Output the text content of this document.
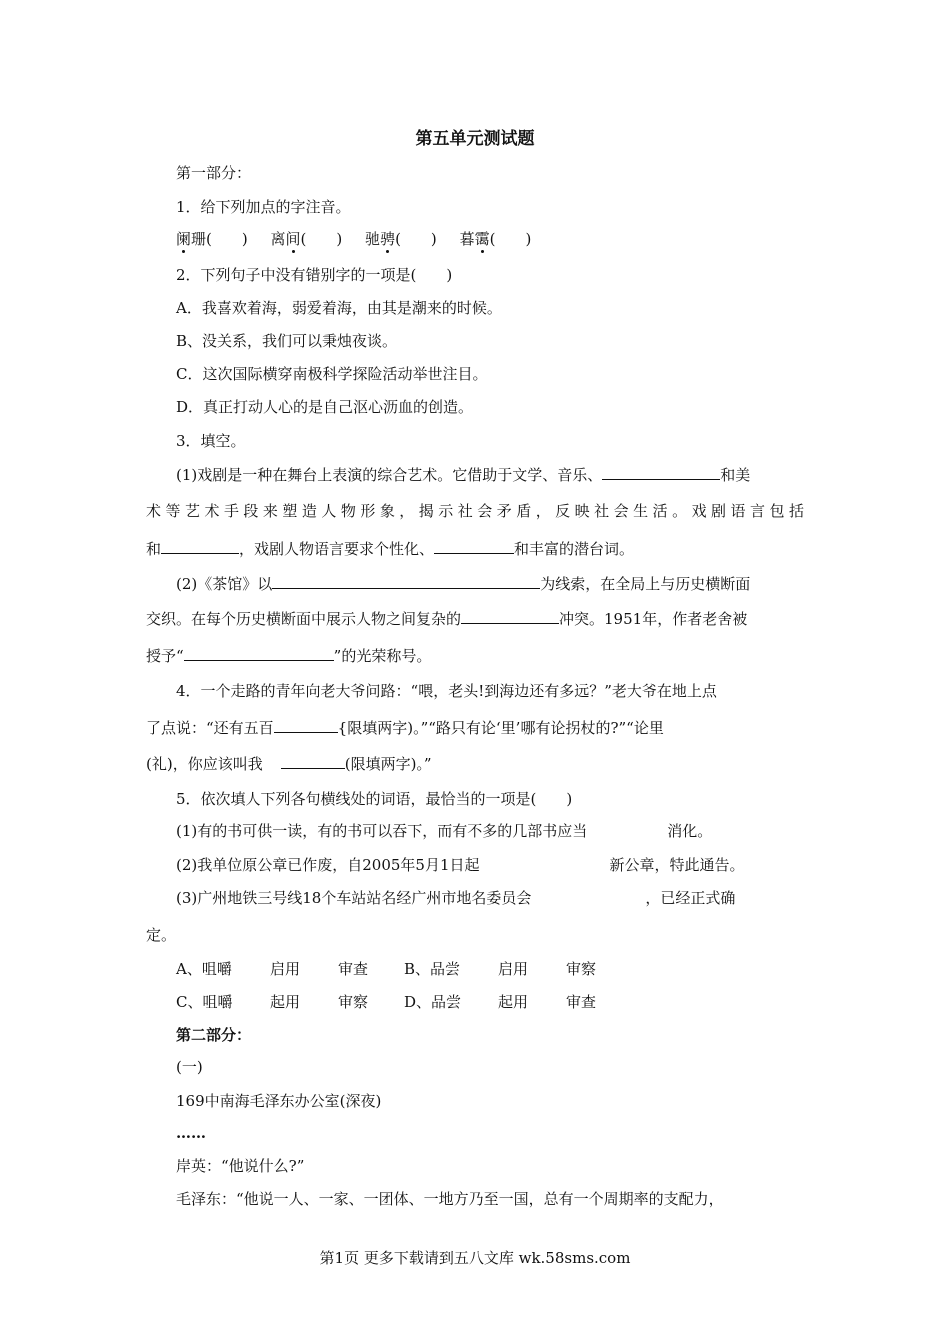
第五单元测试题
第一部分：
1．给下列加点的字注音。
阑珊(　　) 离间(　　) 驰骋(　　) 暮霭(　　)
2．下列句子中没有错别字的一项是(　　)
A．我喜欢着海，弱爱着海，由其是潮来的时候。
B、没关系，我们可以秉烛夜谈。
C．这次国际横穿南极科学探险活动举世注目。
D．真正打动人心的是自己沤心沥血的创造。
3．填空。
(1)戏剧是一种在舞台上表演的综合艺术。它借助于文学、音乐、	和美
术等艺术手段来塑造人物形象，揭示社会矛盾，反映社会生活。戏剧语言包括
和	，戏剧人物语言要求个性化、	和丰富的潜台词。
(2)《茶馆》以	为线索，在全局上与历史横断面
交织。在每个历史横断面中展示人物之间复杂的	冲突。1951年，作者老舍被
授予“	”的光荣称号。
4．一个走路的青年向老大爷问路：“喂，老头!到海边还有多远？”老大爷在地上点
了点说：“还有五百	{限填两字)。”“路只有论‘里’哪有论拐杖的?”“论里
(礼)，你应该叫我	(限填两字)。”
5．依次填人下列各句横线处的词语，最恰当的一项是(　　)
(1)有的书可供一读，有的书可以吞下，而有不多的几部书应当	消化。
(2)我单位原公章已作废，自2005年5月1日起	新公章，特此通告。
(3)广州地铁三号线18个车站站名经广州市地名委员会	，已经正式确
定。
A、咀嚼	启用	审查 B、品尝	启用	审察
C、咀嚼	起用	审察 D、品尝 起用	审查
第二部分：
(一)
169中南海毛泽东办公室(深夜)
……
岸英：“他说什么?”
毛泽东：“他说一人、一家、一团体、一地方乃至一国，总有一个周期率的支配力，
第1页 更多下载请到五八文库 wk.58sms.com
